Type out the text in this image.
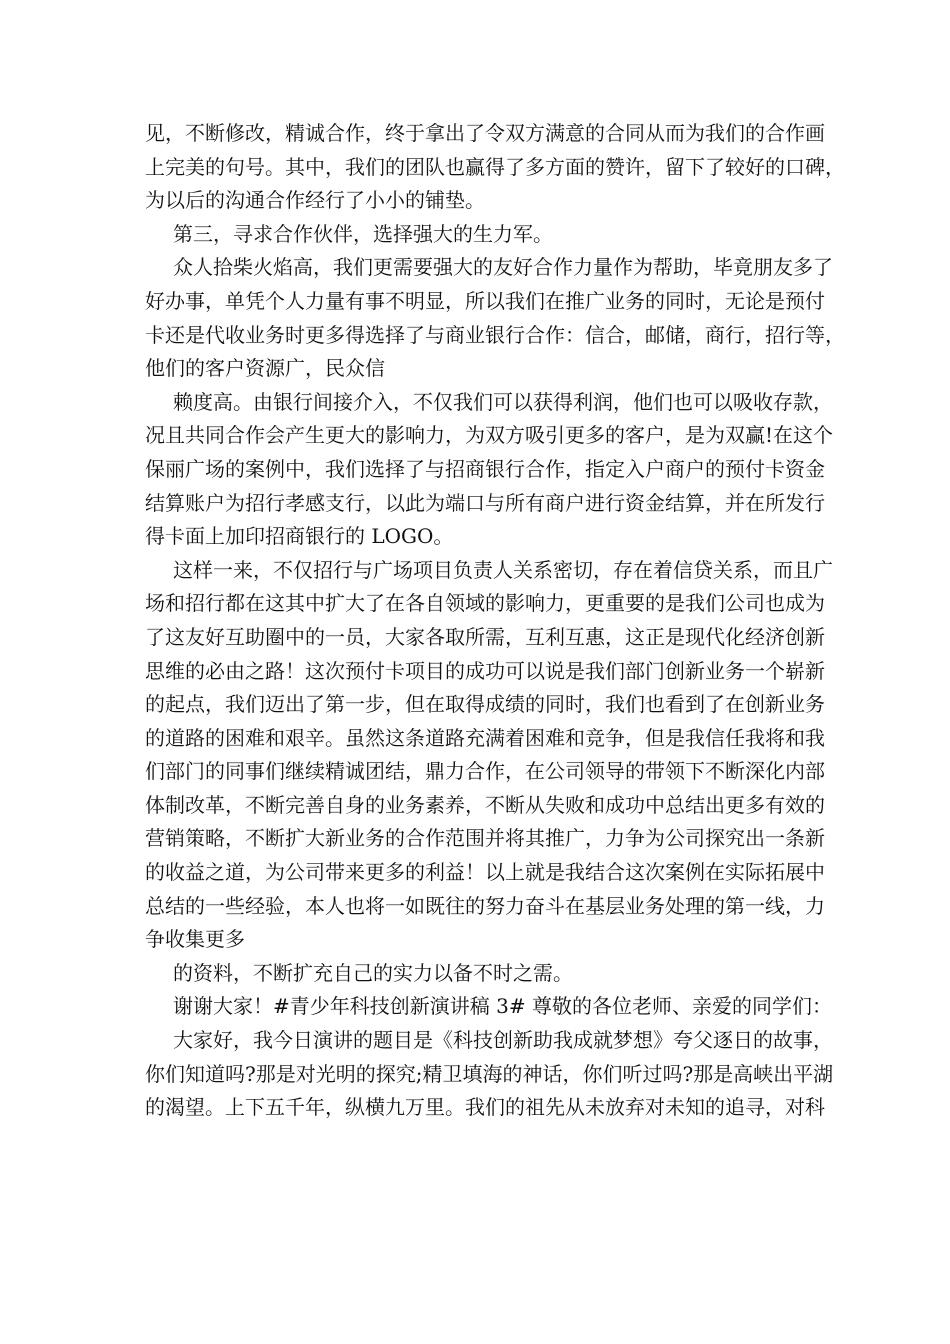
见，不断修改，精诚合作，终于拿出了令双方满意的合同从而为我们的合作画
上完美的句号。其中，我们的团队也赢得了多方面的赞许，留下了较好的口碑，
为以后的沟通合作经行了小小的铺垫。
第三，寻求合作伙伴，选择强大的生力军。
众人拾柴火焰高，我们更需要强大的友好合作力量作为帮助，毕竟朋友多了
好办事，单凭个人力量有事不明显，所以我们在推广业务的同时，无论是预付
卡还是代收业务时更多得选择了与商业银行合作：信合，邮储，商行，招行等，
他们的客户资源广，民众信
赖度高。由银行间接介入，不仅我们可以获得利润，他们也可以吸收存款，
况且共同合作会产生更大的影响力，为双方吸引更多的客户，是为双赢!在这个
保丽广场的案例中，我们选择了与招商银行合作，指定入户商户的预付卡资金
结算账户为招行孝感支行，以此为端口与所有商户进行资金结算，并在所发行
得卡面上加印招商银行的 LOGO。
这样一来，不仅招行与广场项目负责人关系密切，存在着信贷关系，而且广
场和招行都在这其中扩大了在各自领域的影响力，更重要的是我们公司也成为
了这友好互助圈中的一员，大家各取所需，互利互惠，这正是现代化经济创新
思维的必由之路！这次预付卡项目的成功可以说是我们部门创新业务一个崭新
的起点，我们迈出了第一步，但在取得成绩的同时，我们也看到了在创新业务
的道路的困难和艰辛。虽然这条道路充满着困难和竞争，但是我信任我将和我
们部门的同事们继续精诚团结，鼎力合作，在公司领导的带领下不断深化内部
体制改革，不断完善自身的业务素养，不断从失败和成功中总结出更多有效的
营销策略，不断扩大新业务的合作范围并将其推广，力争为公司探究出一条新
的收益之道，为公司带来更多的利益！以上就是我结合这次案例在实际拓展中
总结的一些经验，本人也将一如既往的努力奋斗在基层业务处理的第一线，力
争收集更多
的资料，不断扩充自己的实力以备不时之需。
谢谢大家！#青少年科技创新演讲稿 3# 尊敬的各位老师、亲爱的同学们：
大家好，我今日演讲的题目是《科技创新助我成就梦想》夸父逐日的故事，
你们知道吗?那是对光明的探究;精卫填海的神话，你们听过吗?那是高峡出平湖
的渴望。上下五千年，纵横九万里。我们的祖先从未放弃对未知的追寻，对科
